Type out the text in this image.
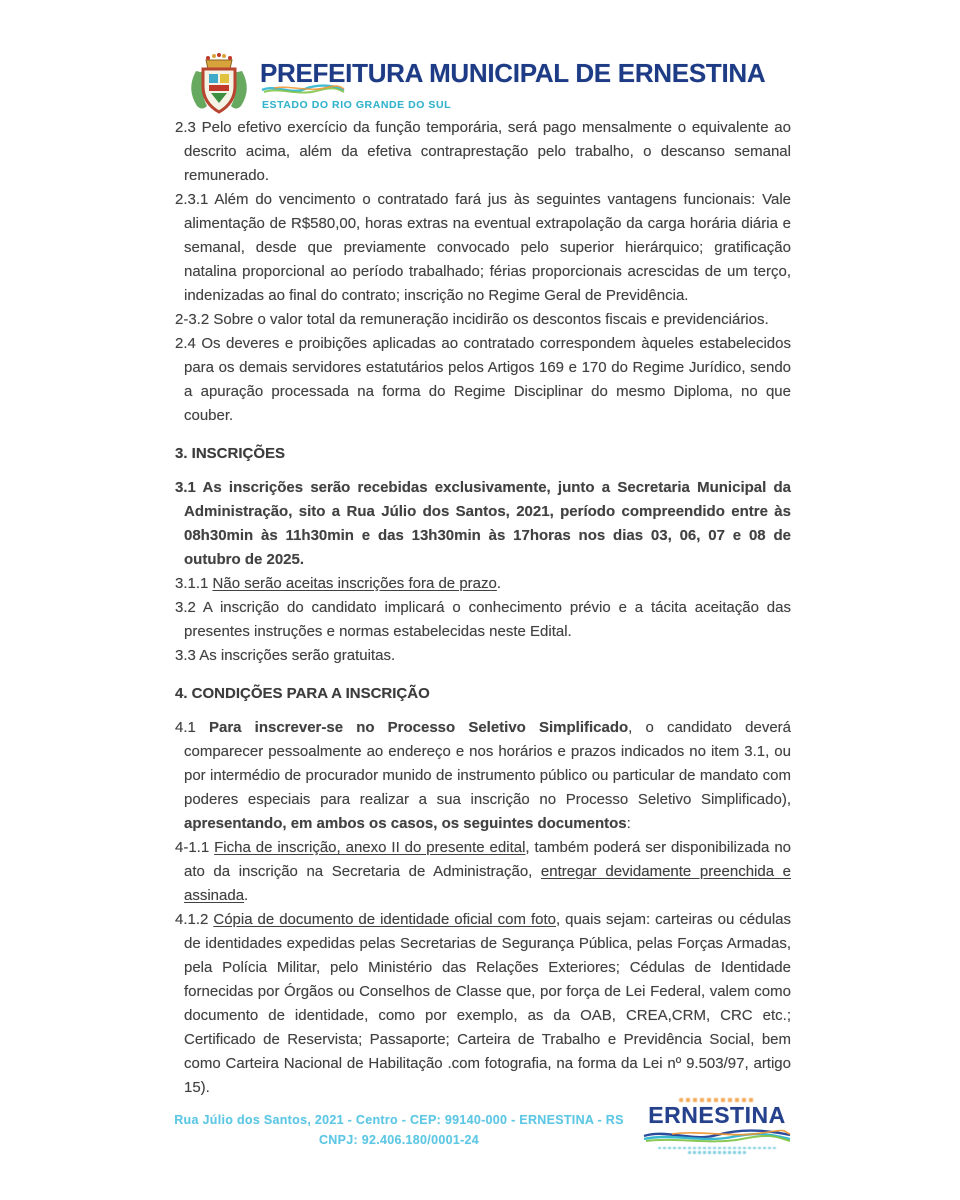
PREFEITURA MUNICIPAL DE ERNESTINA
ESTADO DO RIO GRANDE DO SUL

2.3 Pelo efetivo exercício da função temporária, será pago mensalmente o equivalente ao descrito acima, além da efetiva contraprestação pelo trabalho, o descanso semanal remunerado.

2.3.1 Além do vencimento o contratado fará jus às seguintes vantagens funcionais: Vale alimentação de R$580,00, horas extras na eventual extrapolação da carga horária diária e semanal, desde que previamente convocado pelo superior hierárquico; gratificação natalina proporcional ao período trabalhado; férias proporcionais acrescidas de um terço, indenizadas ao final do contrato; inscrição no Regime Geral de Previdência.

2-3.2 Sobre o valor total da remuneração incidirão os descontos fiscais e previdenciários.

2.4 Os deveres e proibições aplicadas ao contratado correspondem àqueles estabelecidos para os demais servidores estatutários pelos Artigos 169 e 170 do Regime Jurídico, sendo a apuração processada na forma do Regime Disciplinar do mesmo Diploma, no que couber.

3. INSCRIÇÕES

3.1 As inscrições serão recebidas exclusivamente, junto a Secretaria Municipal da Administração, sito a Rua Júlio dos Santos, 2021, período compreendido entre às 08h30min às 11h30min e das 13h30min às 17horas nos dias 03, 06, 07 e 08 de outubro de 2025.

3.1.1 Não serão aceitas inscrições fora de prazo.

3.2 A inscrição do candidato implicará o conhecimento prévio e a tácita aceitação das presentes instruções e normas estabelecidas neste Edital.

3.3 As inscrições serão gratuitas.

4. CONDIÇÕES PARA A INSCRIÇÃO

4.1 Para inscrever-se no Processo Seletivo Simplificado, o candidato deverá comparecer pessoalmente ao endereço e nos horários e prazos indicados no item 3.1, ou por intermédio de procurador munido de instrumento público ou particular de mandato com poderes especiais para realizar a sua inscrição no Processo Seletivo Simplificado), apresentando, em ambos os casos, os seguintes documentos:

4-1.1 Ficha de inscrição, anexo II do presente edital, também poderá ser disponibilizada no ato da inscrição na Secretaria de Administração, entregar devidamente preenchida e assinada.

4.1.2 Cópia de documento de identidade oficial com foto, quais sejam: carteiras ou cédulas de identidades expedidas pelas Secretarias de Segurança Pública, pelas Forças Armadas, pela Polícia Militar, pelo Ministério das Relações Exteriores; Cédulas de Identidade fornecidas por Órgãos ou Conselhos de Classe que, por força de Lei Federal, valem como documento de identidade, como por exemplo, as da OAB, CREA,CRM, CRC etc.; Certificado de Reservista; Passaporte; Carteira de Trabalho e Previdência Social, bem como Carteira Nacional de Habilitação .com fotografia, na forma da Lei nº 9.503/97, artigo 15).

Rua Júlio dos Santos, 2021 - Centro - CEP: 99140-000 - ERNESTINA - RS
CNPJ: 92.406.180/0001-24
ERNESTINA
